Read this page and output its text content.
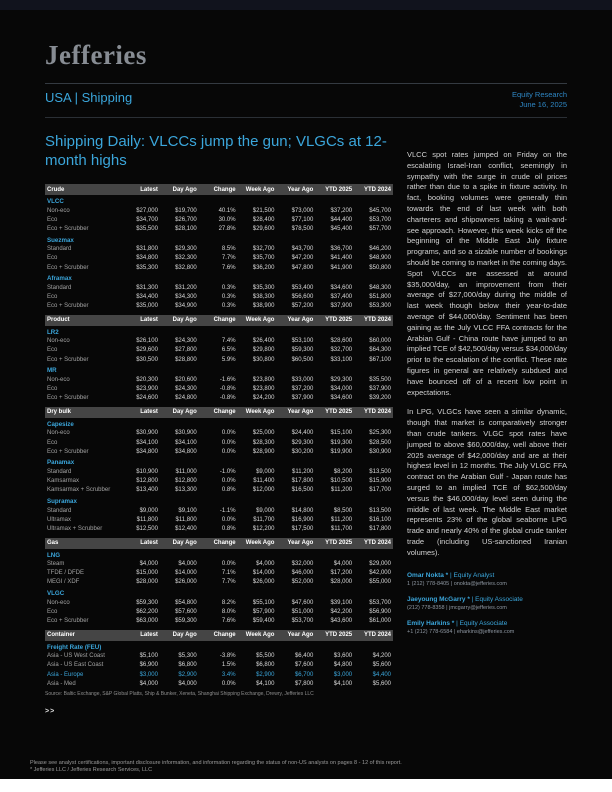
Jefferies
USA | Shipping	Equity Research
June 16, 2025
Shipping Daily: VLCCs jump the gun; VLGCs at 12-month highs
Crude	Latest	Day Ago	Change	Week Ago	Year Ago	YTD 2025	YTD 2024
VLCC							
Non-eco	$27,000	$19,700	40.1%	$21,500	$73,000	$37,200	$45,700
Eco	$34,700	$26,700	30.0%	$28,400	$77,100	$44,400	$53,700
Eco + Scrubber	$35,500	$28,100	27.8%	$29,600	$78,500	$45,400	$57,700
Suezmax							
Standard	$31,800	$29,300	8.5%	$32,700	$43,700	$36,700	$46,200
Eco	$34,800	$32,300	7.7%	$35,700	$47,200	$41,400	$48,900
Eco + Scrubber	$35,300	$32,800	7.6%	$36,200	$47,800	$41,900	$50,800
Aframax							
Standard	$31,300	$31,200	0.3%	$35,300	$53,400	$34,600	$48,300
Eco	$34,400	$34,300	0.3%	$38,300	$56,600	$37,400	$51,800
Eco + Scrubber	$35,000	$34,900	0.3%	$38,900	$57,200	$37,900	$53,300
Product	Latest	Day Ago	Change	Week Ago	Year Ago	YTD 2025	YTD 2024
LR2							
Non-eco	$26,100	$24,300	7.4%	$26,400	$53,100	$28,600	$60,000
Eco	$29,600	$27,800	6.5%	$29,800	$59,300	$32,700	$64,300
Eco + Scrubber	$30,500	$28,800	5.9%	$30,800	$60,500	$33,100	$67,100
MR							
Non-eco	$20,300	$20,600	-1.6%	$23,800	$33,000	$29,300	$35,500
Eco	$23,900	$24,300	-0.8%	$23,800	$37,200	$34,000	$37,900
Eco + Scrubber	$24,600	$24,800	-0.8%	$24,200	$37,900	$34,600	$39,200
Dry bulk	Latest	Day Ago	Change	Week Ago	Year Ago	YTD 2025	YTD 2024
Capesize							
Non-eco	$30,900	$30,900	0.0%	$25,000	$24,400	$15,100	$25,300
Eco	$34,100	$34,100	0.0%	$28,300	$29,300	$19,300	$28,500
Eco + Scrubber	$34,800	$34,800	0.0%	$28,900	$30,200	$19,900	$30,900
Panamax							
Standard	$10,900	$11,000	-1.0%	$9,000	$11,200	$8,200	$13,500
Kamsarmax	$12,800	$12,800	0.0%	$11,400	$17,800	$10,500	$15,900
Kamsarmax + Scrubber	$13,400	$13,300	0.8%	$12,000	$16,500	$11,200	$17,700
Supramax							
Standard	$9,000	$9,100	-1.1%	$9,000	$14,800	$8,500	$13,500
Ultramax	$11,800	$11,800	0.0%	$11,700	$16,900	$11,200	$16,100
Ultramax + Scrubber	$12,500	$12,400	0.8%	$12,200	$17,500	$11,700	$17,800
Gas	Latest	Day Ago	Change	Week Ago	Year Ago	YTD 2025	YTD 2024
LNG							
Steam	$4,000	$4,000	0.0%	$4,000	$32,000	$4,000	$29,000
TFDE / DFDE	$15,000	$14,000	7.1%	$14,000	$46,000	$17,200	$42,000
MEGI / XDF	$28,000	$26,000	7.7%	$26,000	$52,000	$28,000	$55,000
VLGC							
Non-eco	$59,300	$54,800	8.2%	$55,100	$47,600	$39,100	$53,700
Eco	$62,200	$57,600	8.0%	$57,900	$51,000	$42,200	$56,900
Eco + Scrubber	$63,000	$59,300	7.6%	$59,400	$53,700	$43,600	$61,000
Container	Latest	Day Ago	Change	Week Ago	Year Ago	YTD 2025	YTD 2024
Freight Rate (FEU)							
Asia - US West Coast	$5,100	$5,300	-3.8%	$5,500	$6,400	$3,600	$4,200
Asia - US East Coast	$6,900	$6,800	1.5%	$6,800	$7,600	$4,800	$5,600
Asia - Europe	$3,000	$2,900	3.4%	$2,900	$6,700	$3,000	$4,400
Asia - Med	$4,000	$4,000	0.0%	$4,100	$7,800	$4,100	$5,600
Source: Baltic Exchange, S&P Global Platts, Ship & Bunker, Xeneta, Shanghai Shipping Exchange, Drewry, Jefferies LLC
>>

VLCC spot rates jumped on Friday on the escalating Israel-Iran conflict, seemingly in sympathy with the surge in crude oil prices rather than due to a spike in fixture activity. In fact, booking volumes were generally thin towards the end of last week with both charterers and shipowners taking a wait-and-see approach. However, this week kicks off the beginning of the Middle East July fixture programs, and so a sizable number of bookings should be coming to market in the coming days. Spot VLCCs are assessed at around $35,000/day, an improvement from their average of $27,000/day during the middle of last week though below their year-to-date average of $44,000/day. Sentiment has been gaining as the July VLCC FFA contracts for the Arabian Gulf - China route have jumped to an implied TCE of $42,500/day versus $34,000/day prior to the escalation of the conflict. These rate figures in general are relatively subdued and have bounced off of a recent low point in expectations.

In LPG, VLGCs have seen a similar dynamic, though that market is comparatively stronger than crude tankers. VLGC spot rates have jumped to above $60,000/day, well above their 2025 average of $42,000/day and are at their highest level in 12 months. The July VLGC FFA contract on the Arabian Gulf - Japan route has surged to an implied TCE of $62,500/day versus the $46,000/day level seen during the middle of last week. The Middle East market represents 23% of the global seaborne LPG trade and nearly 40% of the global crude tanker trade (including US-sanctioned Iranian volumes).

Omar Nokta * | Equity Analyst
1 (212) 778-8405 | onokta@jefferies.com
Jaeyoung McGarry * | Equity Associate
(212) 778-8358 | jmcgarry@jefferies.com
Emily Harkins * | Equity Associate
+1 (212) 778-6584 | eharkins@jefferies.com
Please see analyst certifications, important disclosure information, and information regarding the status of non-US analysts on pages 8 - 12 of this report.
* Jefferies LLC / Jefferies Research Services, LLC
